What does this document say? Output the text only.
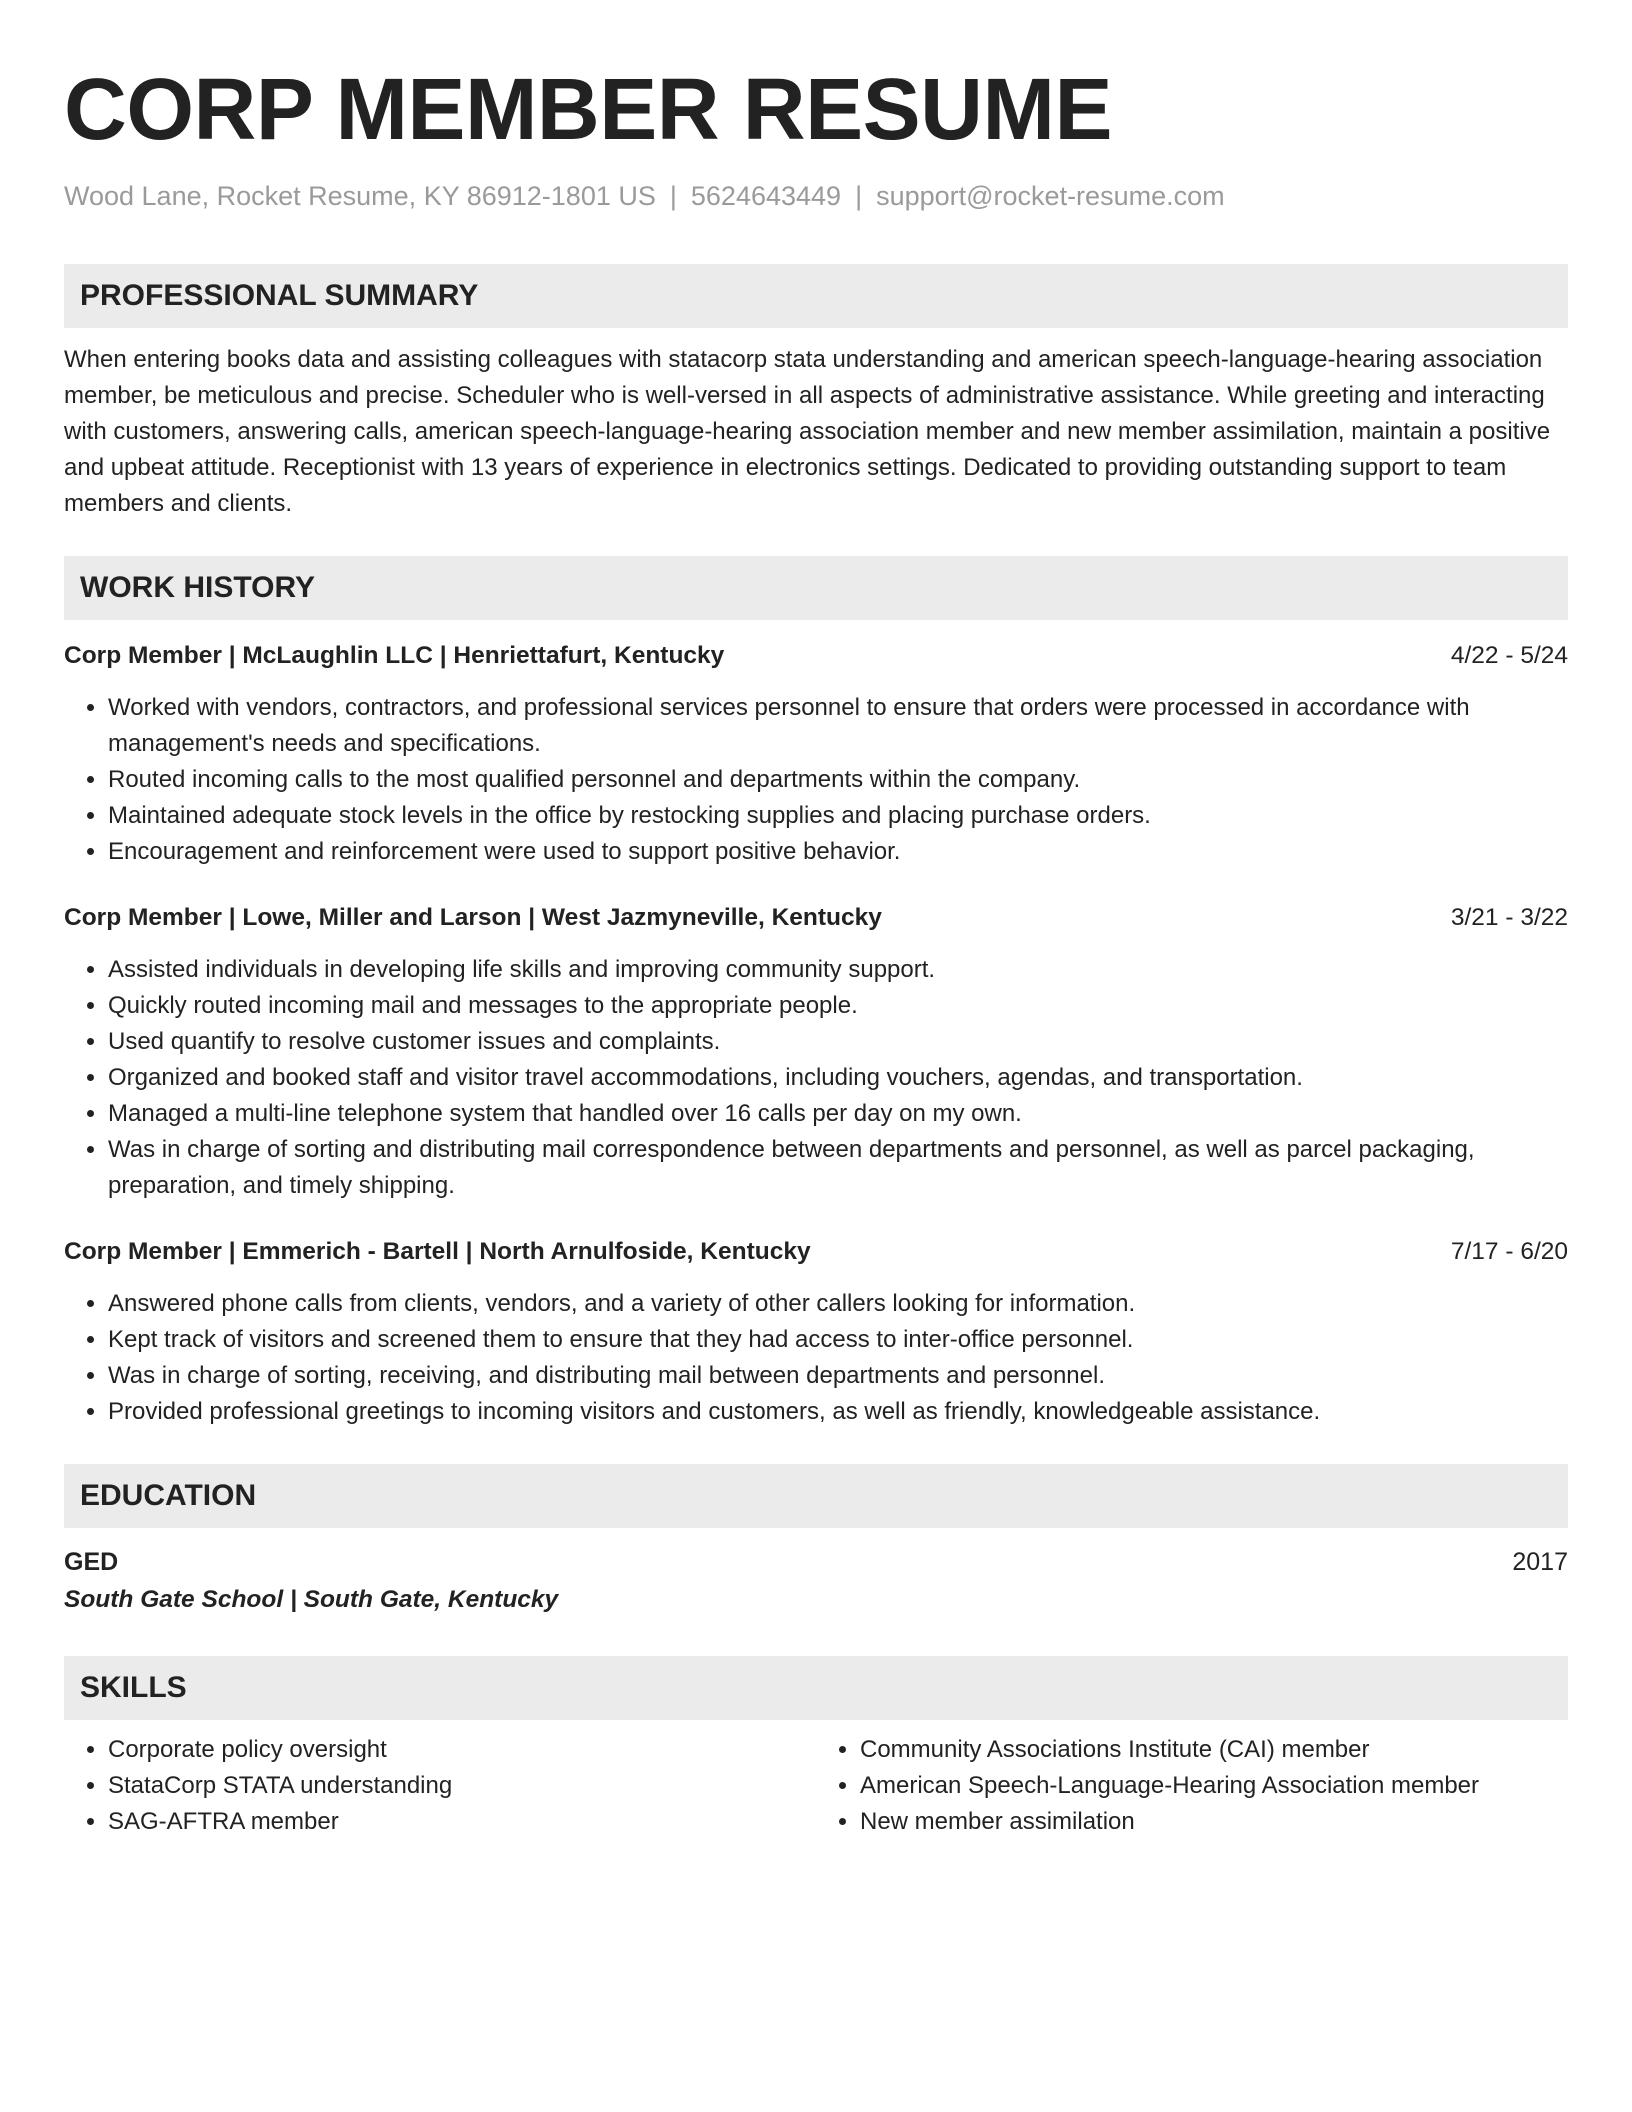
CORP MEMBER RESUME
Wood Lane, Rocket Resume, KY 86912-1801 US | 5624643449 | support@rocket-resume.com
PROFESSIONAL SUMMARY
When entering books data and assisting colleagues with statacorp stata understanding and american speech-language-hearing association member, be meticulous and precise. Scheduler who is well-versed in all aspects of administrative assistance. While greeting and interacting with customers, answering calls, american speech-language-hearing association member and new member assimilation, maintain a positive and upbeat attitude. Receptionist with 13 years of experience in electronics settings. Dedicated to providing outstanding support to team members and clients.
WORK HISTORY
Corp Member | McLaughlin LLC | Henriettafurt, Kentucky	4/22 - 5/24
• Worked with vendors, contractors, and professional services personnel to ensure that orders were processed in accordance with management's needs and specifications.
• Routed incoming calls to the most qualified personnel and departments within the company.
• Maintained adequate stock levels in the office by restocking supplies and placing purchase orders.
• Encouragement and reinforcement were used to support positive behavior.
Corp Member | Lowe, Miller and Larson | West Jazmyneville, Kentucky	3/21 - 3/22
• Assisted individuals in developing life skills and improving community support.
• Quickly routed incoming mail and messages to the appropriate people.
• Used quantify to resolve customer issues and complaints.
• Organized and booked staff and visitor travel accommodations, including vouchers, agendas, and transportation.
• Managed a multi-line telephone system that handled over 16 calls per day on my own.
• Was in charge of sorting and distributing mail correspondence between departments and personnel, as well as parcel packaging, preparation, and timely shipping.
Corp Member | Emmerich - Bartell | North Arnulfoside, Kentucky	7/17 - 6/20
• Answered phone calls from clients, vendors, and a variety of other callers looking for information.
• Kept track of visitors and screened them to ensure that they had access to inter-office personnel.
• Was in charge of sorting, receiving, and distributing mail between departments and personnel.
• Provided professional greetings to incoming visitors and customers, as well as friendly, knowledgeable assistance.
EDUCATION
GED	2017
South Gate School | South Gate, Kentucky
SKILLS
• Corporate policy oversight
• StataCorp STATA understanding
• SAG-AFTRA member
• Community Associations Institute (CAI) member
• American Speech-Language-Hearing Association member
• New member assimilation
